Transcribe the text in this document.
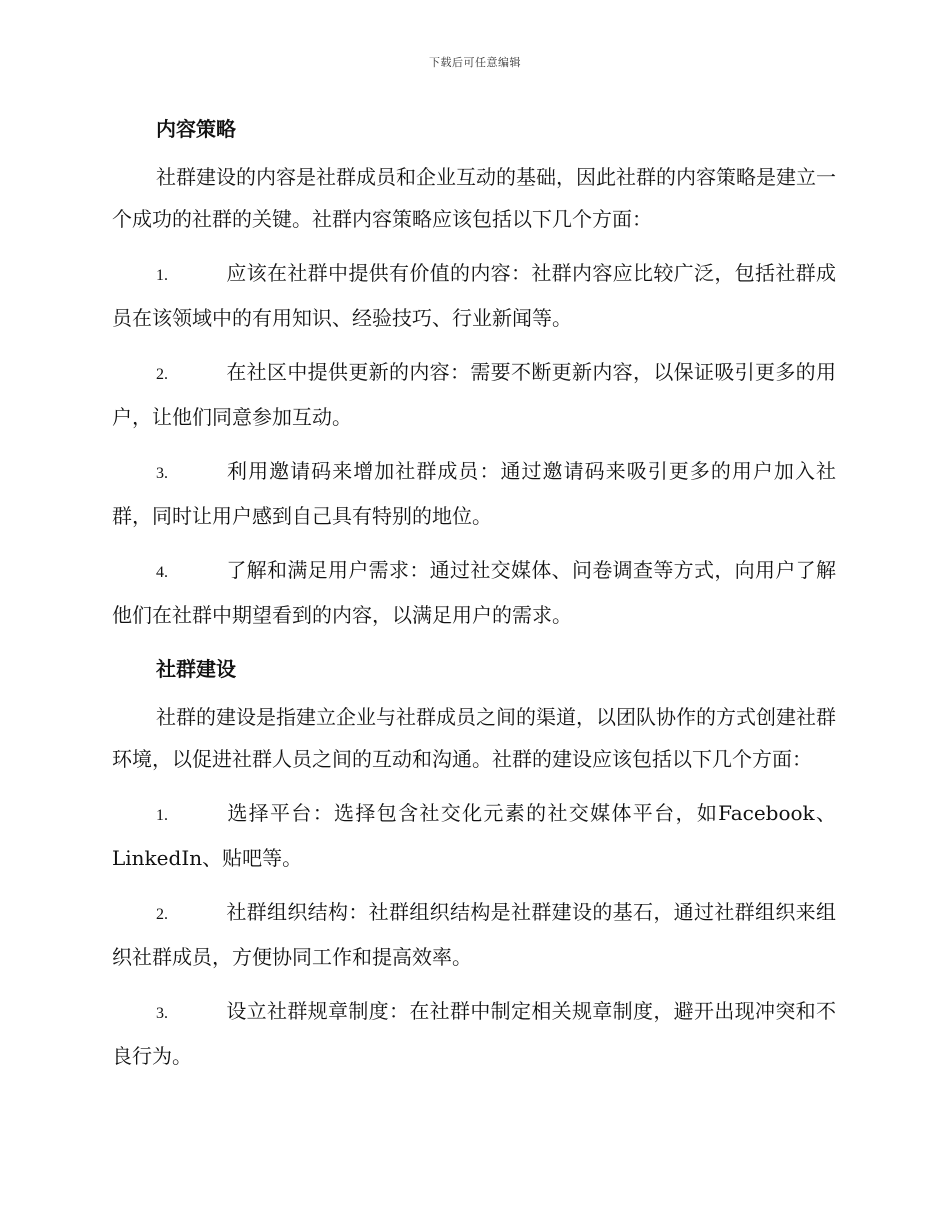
下载后可任意编辑
内容策略

社群建设的内容是社群成员和企业互动的基础，因此社群的内容策略是建立一个成功的社群的关键。社群内容策略应该包括以下几个方面：

1.	应该在社群中提供有价值的内容：社群内容应比较广泛，包括社群成员在该领域中的有用知识、经验技巧、行业新闻等。

2.	在社区中提供更新的内容：需要不断更新内容，以保证吸引更多的用户，让他们同意参加互动。

3.	利用邀请码来增加社群成员：通过邀请码来吸引更多的用户加入社群，同时让用户感到自己具有特别的地位。

4.	了解和满足用户需求：通过社交媒体、问卷调查等方式，向用户了解他们在社群中期望看到的内容，以满足用户的需求。

社群建设

社群的建设是指建立企业与社群成员之间的渠道，以团队协作的方式创建社群环境，以促进社群人员之间的互动和沟通。社群的建设应该包括以下几个方面：

1.	选择平台：选择包含社交化元素的社交媒体平台，如Facebook、LinkedIn、贴吧等。

2.	社群组织结构：社群组织结构是社群建设的基石，通过社群组织来组织社群成员，方便协同工作和提高效率。

3.	设立社群规章制度：在社群中制定相关规章制度，避开出现冲突和不良行为。
